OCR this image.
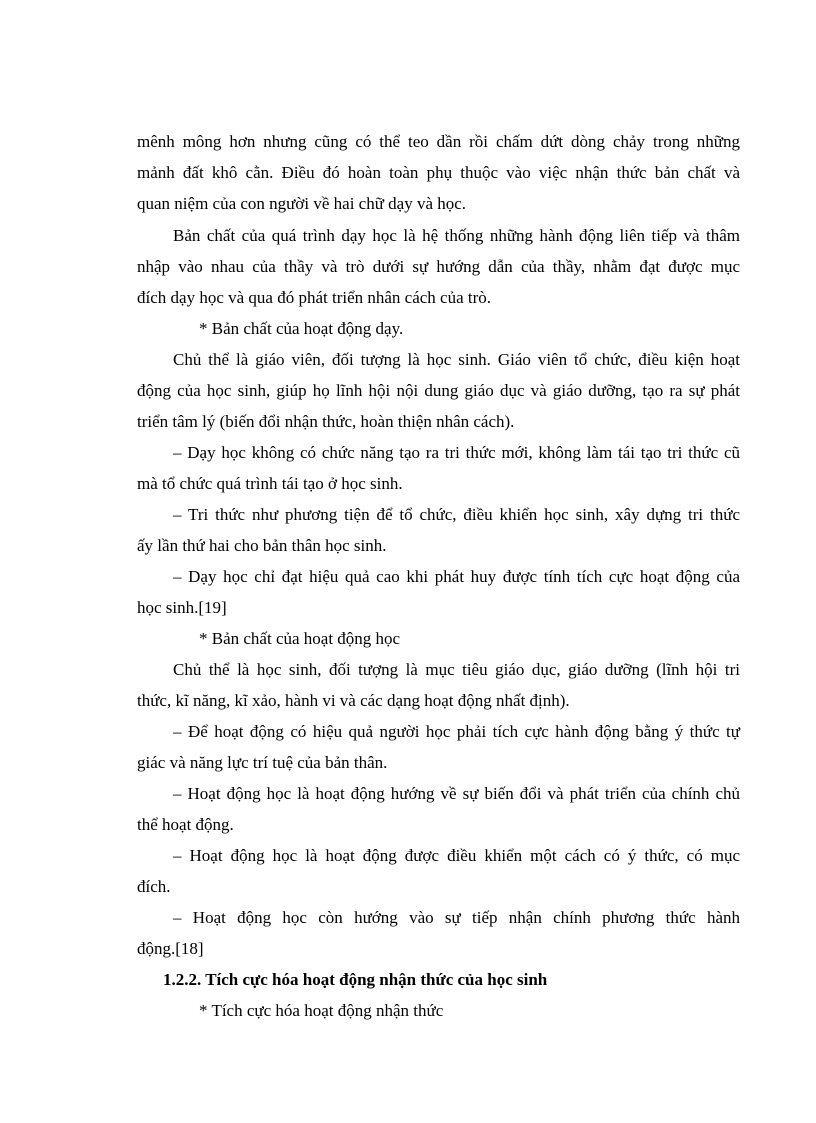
mênh mông hơn nhưng cũng có thể teo dần rồi chấm dứt dòng chảy trong những
mảnh đất khô cằn. Điều đó hoàn toàn phụ thuộc vào việc nhận thức bản chất và
quan niệm của con người về hai chữ dạy và học.
Bản chất của quá trình dạy học là hệ thống những hành động liên tiếp và thâm
nhập vào nhau của thầy và trò dưới sự hướng dẫn của thầy, nhằm đạt được mục
đích dạy học và qua đó phát triển nhân cách của trò.
* Bản chất của hoạt động dạy.
Chủ thể là giáo viên, đối tượng là học sinh. Giáo viên tổ chức, điều kiện hoạt
động của học sinh, giúp họ lĩnh hội nội dung giáo dục và giáo dưỡng, tạo ra sự phát
triển tâm lý (biến đổi nhận thức, hoàn thiện nhân cách).
– Dạy học không có chức năng tạo ra tri thức mới, không làm tái tạo tri thức cũ
mà tổ chức quá trình tái tạo ở học sinh.
– Tri thức như phương tiện để tổ chức, điều khiển học sinh, xây dựng tri thức
ấy lần thứ hai cho bản thân học sinh.
– Dạy học chỉ đạt hiệu quả cao khi phát huy được tính tích cực hoạt động của
học sinh.[19]
* Bản chất của hoạt động học
Chủ thể là học sinh, đối tượng là mục tiêu giáo dục, giáo dưỡng (lĩnh hội tri
thức, kĩ năng, kĩ xảo, hành vi và các dạng hoạt động nhất định).
– Để hoạt động có hiệu quả người học phải tích cực hành động bằng ý thức tự
giác và năng lực trí tuệ của bản thân.
– Hoạt động học là hoạt động hướng về sự biến đổi và phát triển của chính chủ
thể hoạt động.
– Hoạt động học là hoạt động được điều khiển một cách có ý thức, có mục
đích.
– Hoạt động học còn hướng vào sự tiếp nhận chính phương thức hành
động.[18]
1.2.2. Tích cực hóa hoạt động nhận thức của học sinh
* Tích cực hóa hoạt động nhận thức
